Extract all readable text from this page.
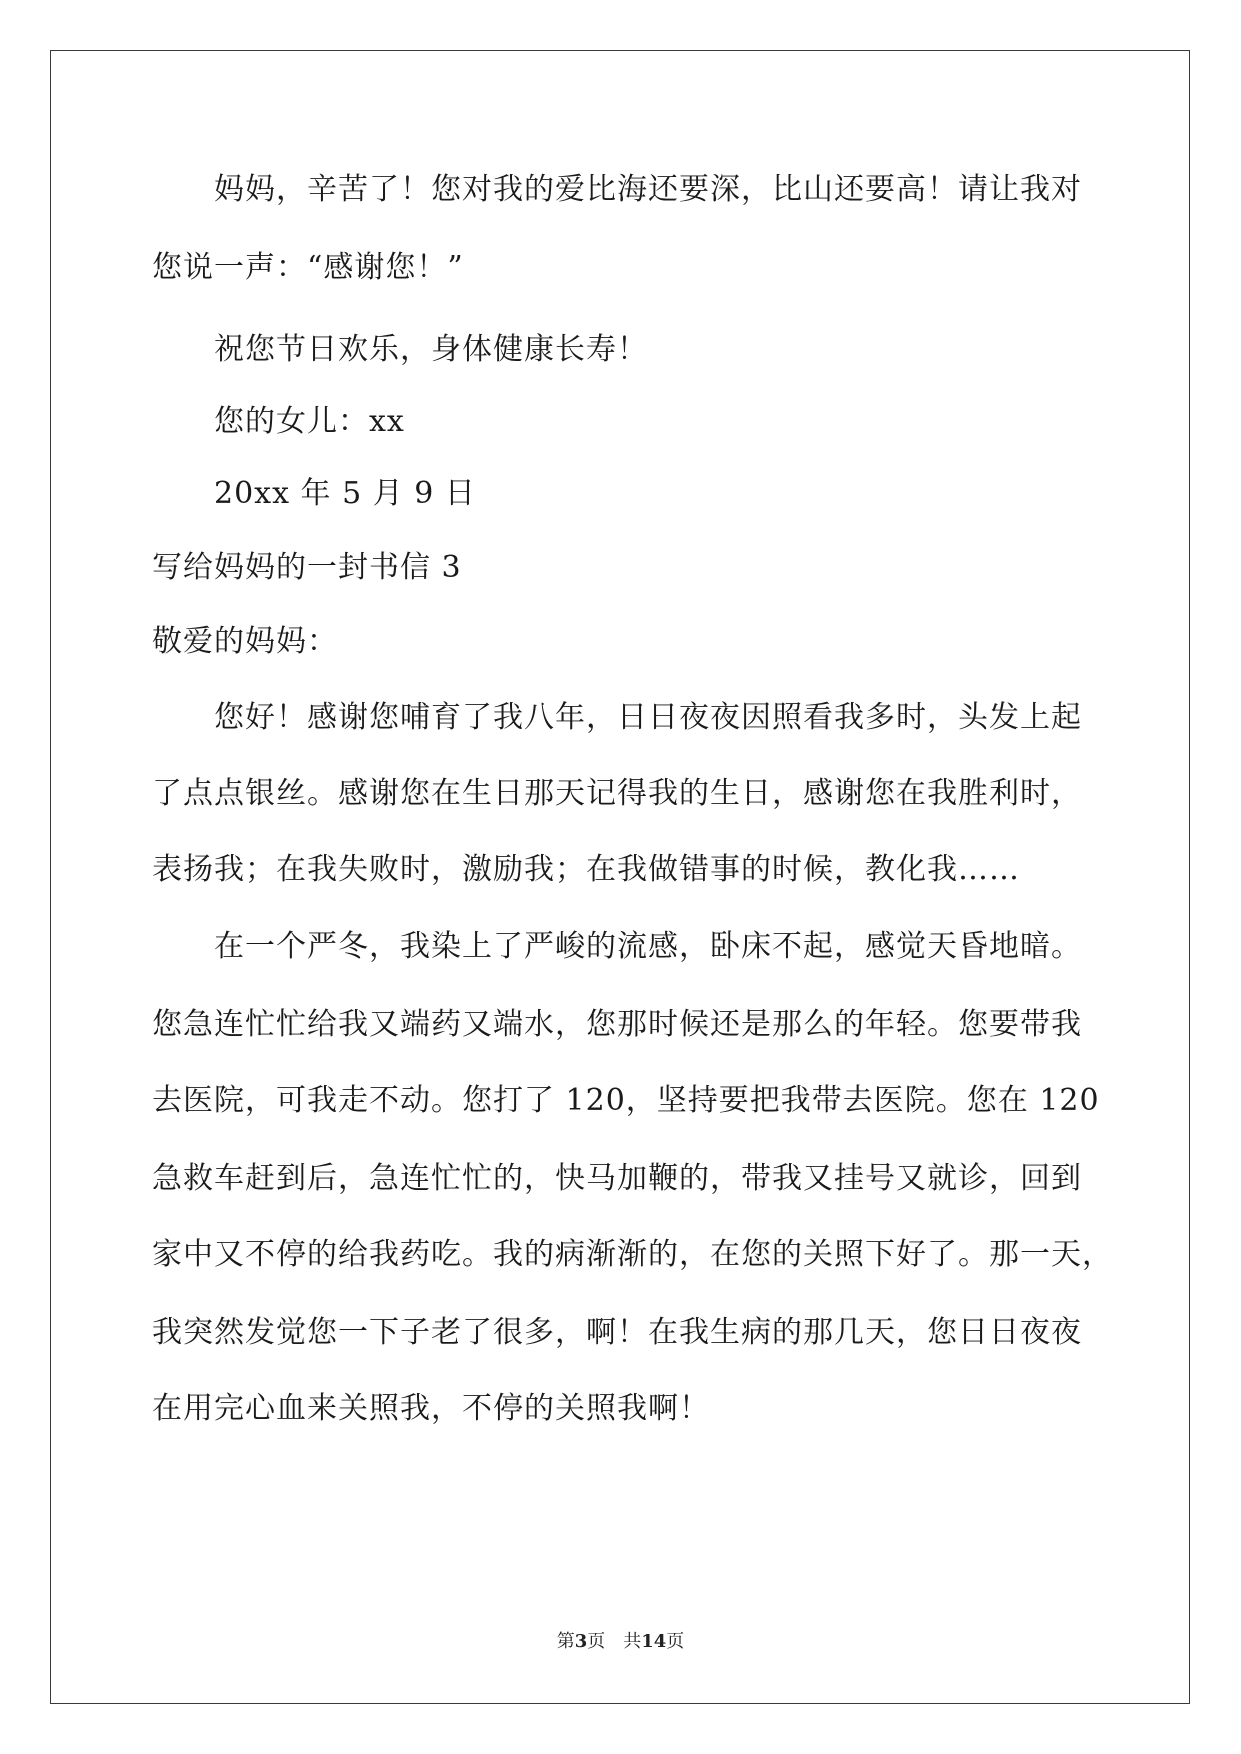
妈妈，辛苦了！您对我的爱比海还要深，比山还要高！请让我对
您说一声：“感谢您！”
祝您节日欢乐，身体健康长寿！
您的女儿：xx
20xx 年 5 月 9 日
写给妈妈的一封书信 3
敬爱的妈妈：
您好！感谢您哺育了我八年，日日夜夜因照看我多时，头发上起
了点点银丝。感谢您在生日那天记得我的生日，感谢您在我胜利时，
表扬我；在我失败时，激励我；在我做错事的时候，教化我……
在一个严冬，我染上了严峻的流感，卧床不起，感觉天昏地暗。
您急连忙忙给我又端药又端水，您那时候还是那么的年轻。您要带我
去医院，可我走不动。您打了 120，坚持要把我带去医院。您在 120
急救车赶到后，急连忙忙的，快马加鞭的，带我又挂号又就诊，回到
家中又不停的给我药吃。我的病渐渐的，在您的关照下好了。那一天，
我突然发觉您一下子老了很多，啊！在我生病的那几天，您日日夜夜
在用完心血来关照我，不停的关照我啊！
第3页　共14页
